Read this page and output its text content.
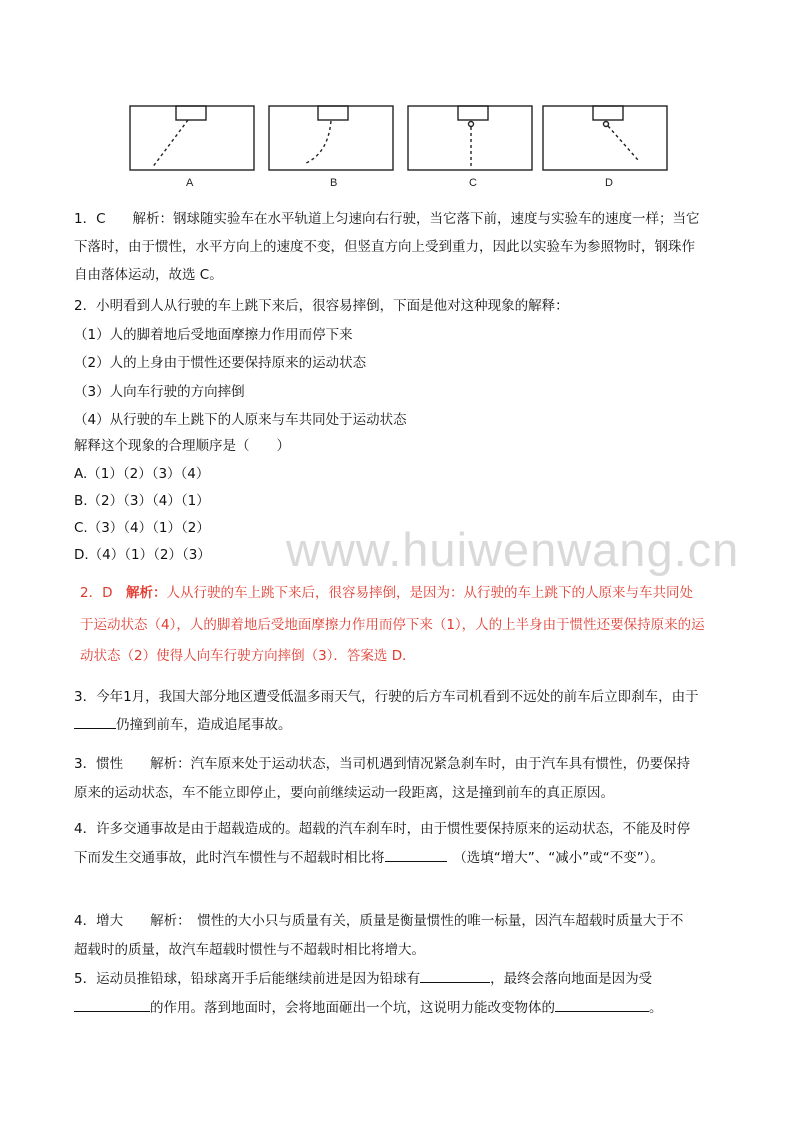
A	B	C	D
1．C　　解析：钢球随实验车在水平轨道上匀速向右行驶，当它落下前，速度与实验车的速度一样；当它
下落时，由于惯性，水平方向上的速度不变，但竖直方向上受到重力，因此以实验车为参照物时，钢珠作
自由落体运动，故选 C。
2．小明看到人从行驶的车上跳下来后，很容易摔倒，下面是他对这种现象的解释：
（1）人的脚着地后受地面摩擦力作用而停下来
（2）人的上身由于惯性还要保持原来的运动状态
（3）人向车行驶的方向摔倒
（4）从行驶的车上跳下的人原来与车共同处于运动状态
解释这个现象的合理顺序是（　　）
A.（1）（2）（3）（4）
B.（2）（3）（4）（1）
C.（3）（4）（1）（2）
D.（4）（1）（2）（3） www.huiwenwang.cn
2．D　 解析：人从行驶的车上跳下来后，很容易摔倒，是因为：从行驶的车上跳下的人原来与车共同处
于运动状态（4），人的脚着地后受地面摩擦力作用而停下来（1），人的上半身由于惯性还要保持原来的运
动状态（2）使得人向车行驶方向摔倒（3）．答案选 D．
3．今年1月，我国大部分地区遭受低温多雨天气，行驶的后方车司机看到不远处的前车后立即刹车，由于
仍撞到前车，造成追尾事故。
3．惯性　　解析：汽车原来处于运动状态，当司机遇到情况紧急刹车时，由于汽车具有惯性，仍要保持
原来的运动状态，车不能立即停止，要向前继续运动一段距离，这是撞到前车的真正原因。
4．许多交通事故是由于超载造成的。超载的汽车刹车时，由于惯性要保持原来的运动状态，不能及时停
下而发生交通事故，此时汽车惯性与不超载时相比将　	（选填“增大”、“减小”或“不变”）。
4．增大　　解析：　惯性的大小只与质量有关，质量是衡量惯性的唯一标量，因汽车超载时质量大于不
超载时的质量，故汽车超载时惯性与不超载时相比将增大。
5．运动员推铅球，铅球离开手后能继续前进是因为铅球有	，最终会落向地面是因为受
的作用。落到地面时，会将地面砸出一个坑，这说明力能改变物体的	。
